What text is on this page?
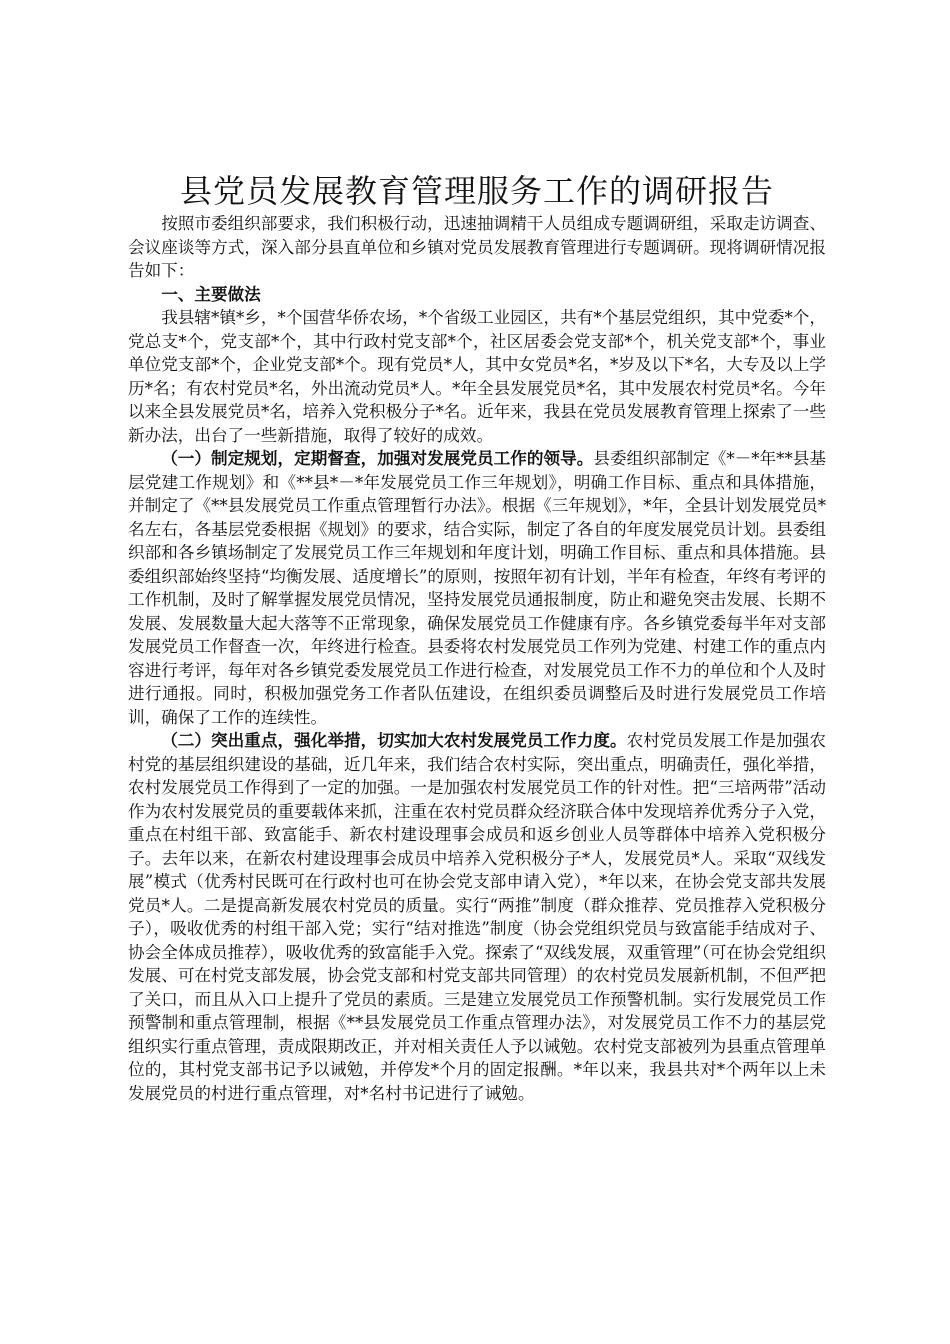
县党员发展教育管理服务工作的调研报告

按照市委组织部要求，我们积极行动，迅速抽调精干人员组成专题调研组，采取走访调查、会议座谈等方式，深入部分县直单位和乡镇对党员发展教育管理进行专题调研。现将调研情况报告如下：

一、主要做法

我县辖*镇*乡，*个国营华侨农场，*个省级工业园区，共有*个基层党组织，其中党委*个，党总支*个，党支部*个，其中行政村党支部*个，社区居委会党支部*个，机关党支部*个，事业单位党支部*个，企业党支部*个。现有党员*人，其中女党员*名，*岁及以下*名，大专及以上学历*名；有农村党员*名，外出流动党员*人。*年全县发展党员*名，其中发展农村党员*名。今年以来全县发展党员*名，培养入党积极分子*名。近年来，我县在党员发展教育管理上探索了一些新办法，出台了一些新措施，取得了较好的成效。

（一）制定规划，定期督查，加强对发展党员工作的领导。县委组织部制定《*－*年**县基层党建工作规划》和《**县*－*年发展党员工作三年规划》，明确工作目标、重点和具体措施，并制定了《**县发展党员工作重点管理暂行办法》。根据《三年规划》，*年，全县计划发展党员*名左右，各基层党委根据《规划》的要求，结合实际，制定了各自的年度发展党员计划。县委组织部和各乡镇场制定了发展党员工作三年规划和年度计划，明确工作目标、重点和具体措施。县委组织部始终坚持“均衡发展、适度增长”的原则，按照年初有计划，半年有检查，年终有考评的工作机制，及时了解掌握发展党员情况，坚持发展党员通报制度，防止和避免突击发展、长期不发展、发展数量大起大落等不正常现象，确保发展党员工作健康有序。各乡镇党委每半年对支部发展党员工作督查一次，年终进行检查。县委将农村发展党员工作列为党建、村建工作的重点内容进行考评，每年对各乡镇党委发展党员工作进行检查，对发展党员工作不力的单位和个人及时进行通报。同时，积极加强党务工作者队伍建设，在组织委员调整后及时进行发展党员工作培训，确保了工作的连续性。

（二）突出重点，强化举措，切实加大农村发展党员工作力度。农村党员发展工作是加强农村党的基层组织建设的基础，近几年来，我们结合农村实际，突出重点，明确责任，强化举措，农村发展党员工作得到了一定的加强。一是加强农村发展党员工作的针对性。把“三培两带”活动作为农村发展党员的重要载体来抓，注重在农村党员群众经济联合体中发现培养优秀分子入党，重点在村组干部、致富能手、新农村建设理事会成员和返乡创业人员等群体中培养入党积极分子。去年以来，在新农村建设理事会成员中培养入党积极分子*人，发展党员*人。采取“双线发展”模式（优秀村民既可在行政村也可在协会党支部申请入党），*年以来，在协会党支部共发展党员*人。二是提高新发展农村党员的质量。实行“两推”制度（群众推荐、党员推荐入党积极分子），吸收优秀的村组干部入党；实行“结对推选”制度（协会党组织党员与致富能手结成对子、协会全体成员推荐），吸收优秀的致富能手入党。探索了“双线发展，双重管理”（可在协会党组织发展、可在村党支部发展，协会党支部和村党支部共同管理）的农村党员发展新机制，不但严把了关口，而且从入口上提升了党员的素质。三是建立发展党员工作预警机制。实行发展党员工作预警制和重点管理制，根据《**县发展党员工作重点管理办法》，对发展党员工作不力的基层党组织实行重点管理，责成限期改正，并对相关责任人予以诫勉。农村党支部被列为县重点管理单位的，其村党支部书记予以诫勉，并停发*个月的固定报酬。*年以来，我县共对*个两年以上未发展党员的村进行重点管理，对*名村书记进行了诫勉。
